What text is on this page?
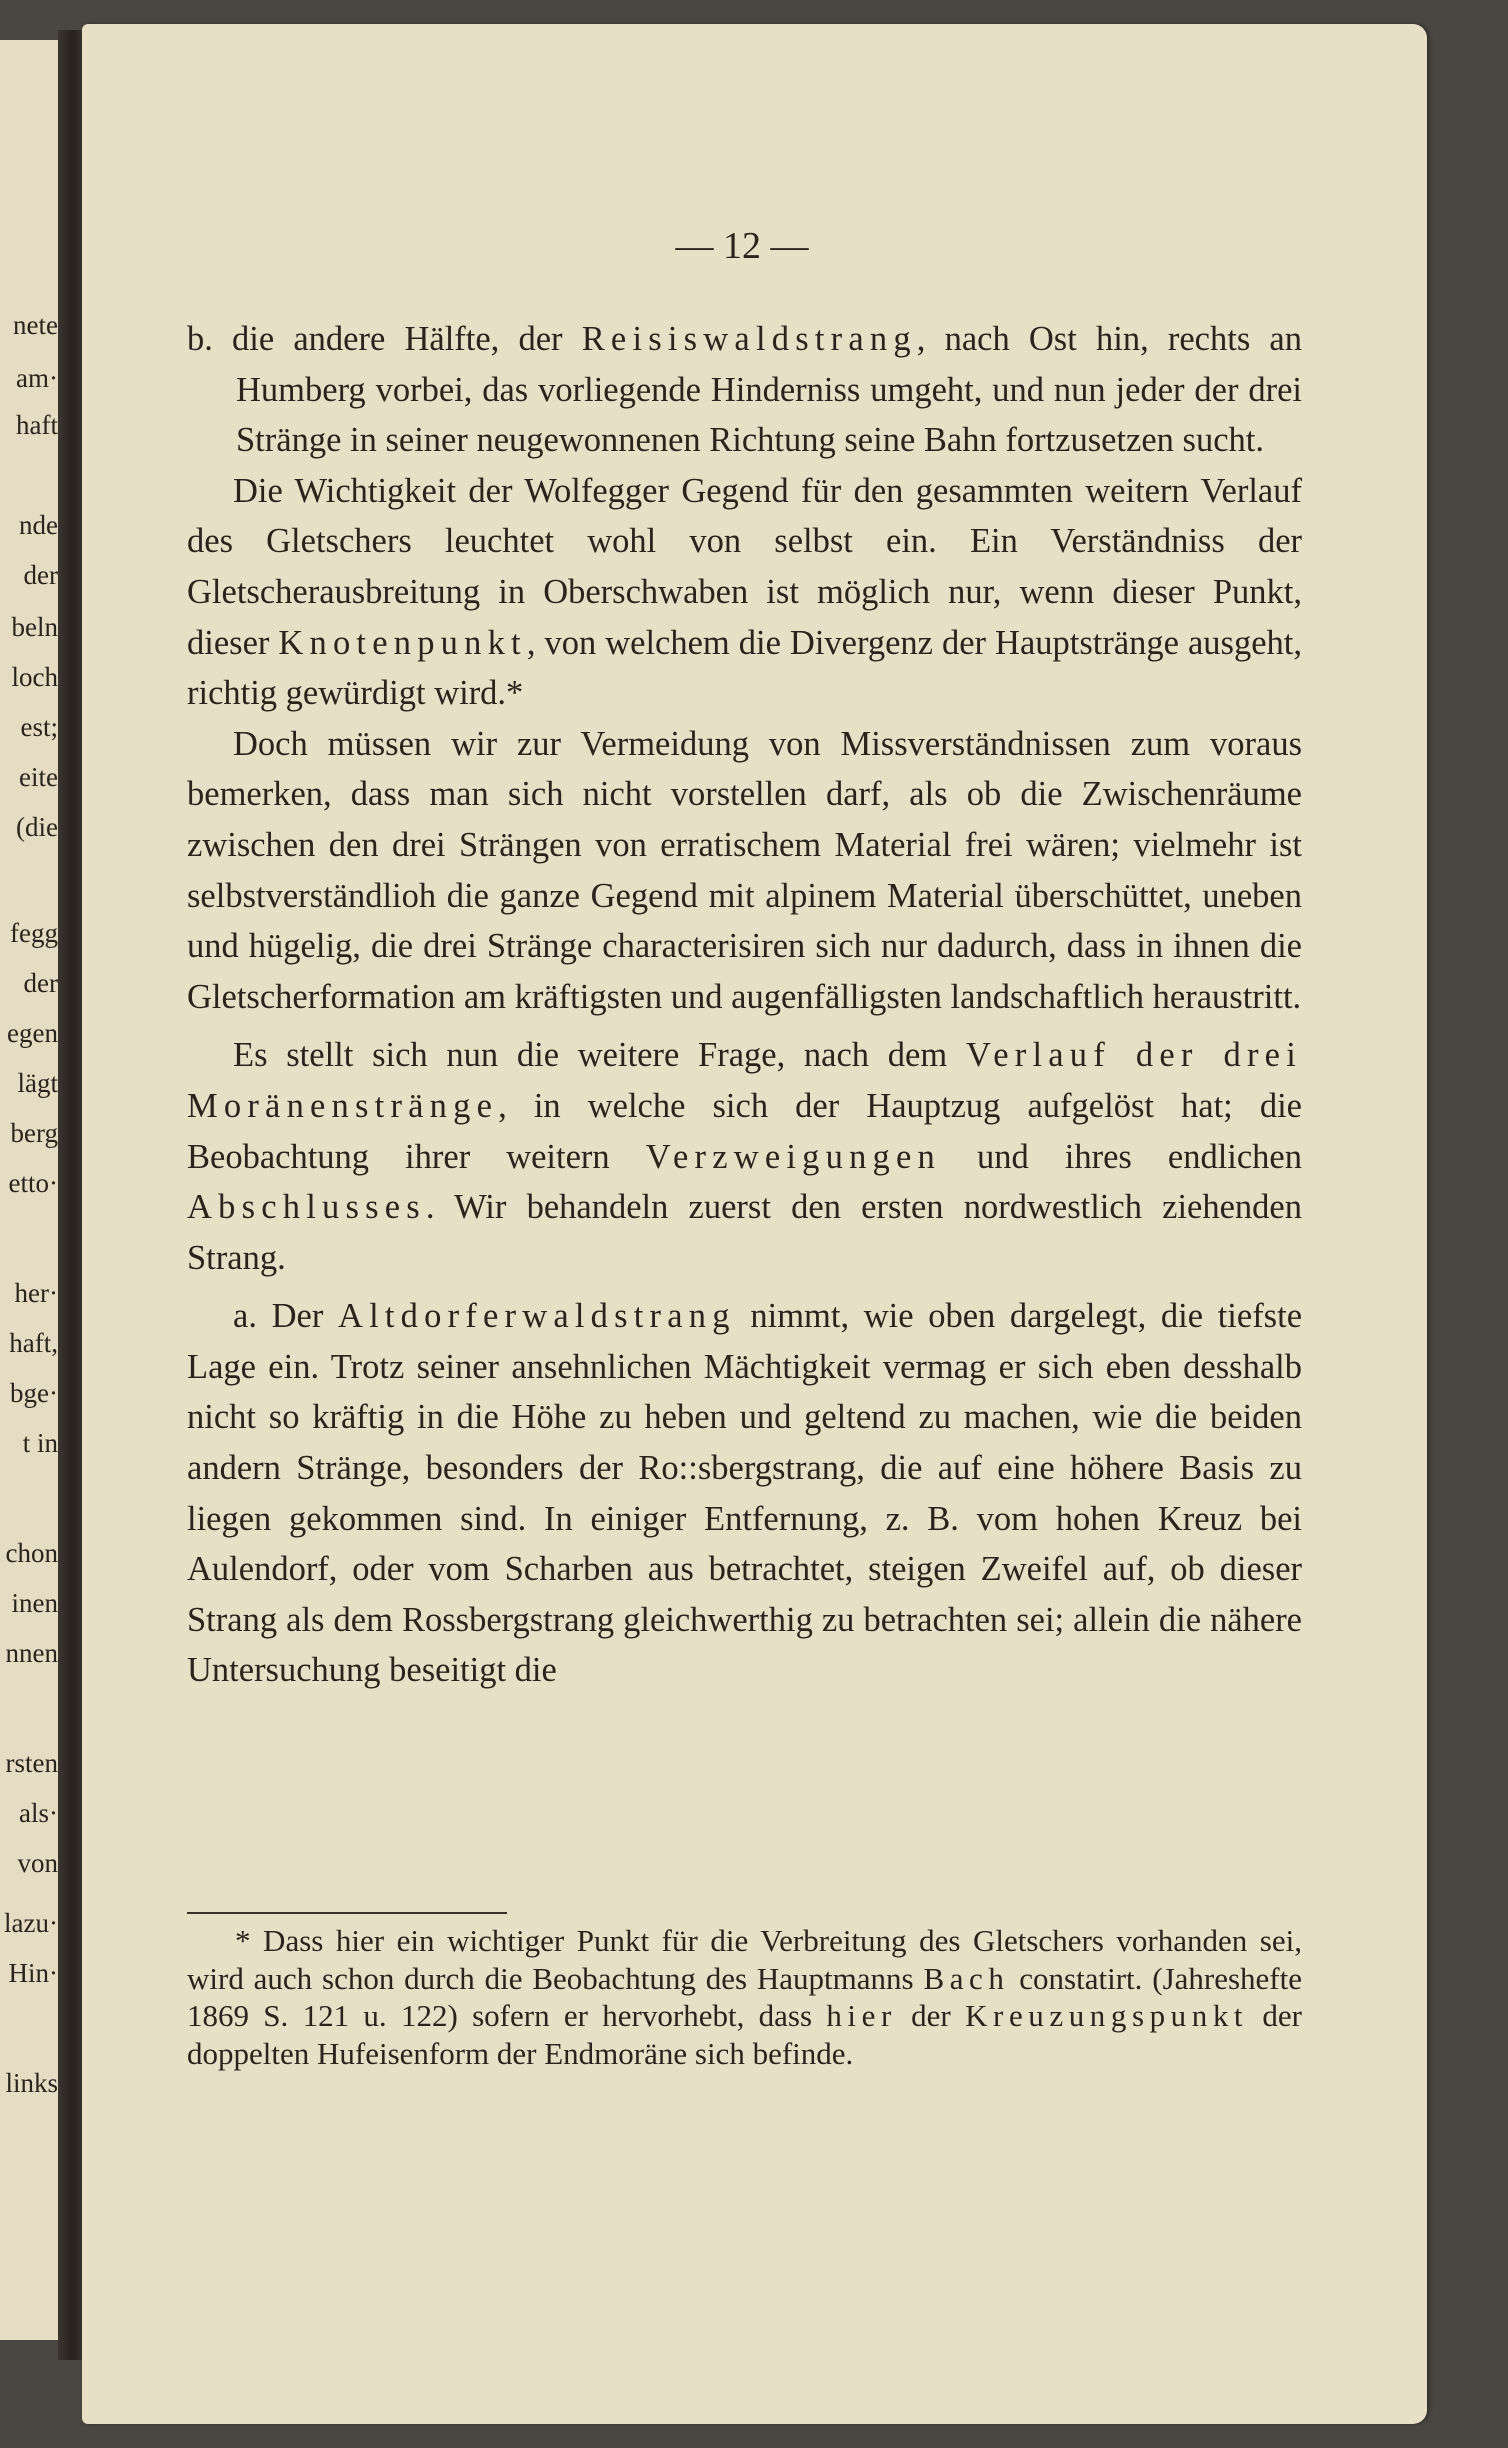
nete
am·
haft
nde
der
beln
loch
est;
eite
(die
fegg
der
egen
lägt
berg
etto·
her·
haft,
bge·
t in
chon
inen
nnen
rsten
als·
von
lazu·
Hin·
links
— 12 —

b. die andere Hälfte, der Reisiswaldstrang, nach Ost hin, rechts an Humberg vorbei, das vorliegende Hinderniss umgeht, und nun jeder der drei Stränge in seiner neugewonnenen Richtung seine Bahn fortzusetzen sucht.

Die Wichtigkeit der Wolfegger Gegend für den gesammten weitern Verlauf des Gletschers leuchtet wohl von selbst ein. Ein Verständniss der Gletscherausbreitung in Oberschwaben ist möglich nur, wenn dieser Punkt, dieser Knotenpunkt, von welchem die Divergenz der Hauptstränge ausgeht, richtig gewürdigt wird.*

Doch müssen wir zur Vermeidung von Missverständnissen zum voraus bemerken, dass man sich nicht vorstellen darf, als ob die Zwischenräume zwischen den drei Strängen von erratischem Material frei wären; vielmehr ist selbstverständlioh die ganze Gegend mit alpinem Material überschüttet, uneben und hügelig, die drei Stränge characterisiren sich nur dadurch, dass in ihnen die Gletscherformation am kräftigsten und augenfälligsten landschaftlich heraustritt.

Es stellt sich nun die weitere Frage, nach dem Verlauf der drei Moränenstränge, in welche sich der Hauptzug aufgelöst hat; die Beobachtung ihrer weitern Verzweigungen und ihres endlichen Abschlusses. Wir behandeln zuerst den ersten nordwestlich ziehenden Strang.

a. Der Altdorferwaldstrang nimmt, wie oben dargelegt, die tiefste Lage ein. Trotz seiner ansehnlichen Mächtigkeit vermag er sich eben desshalb nicht so kräftig in die Höhe zu heben und geltend zu machen, wie die beiden andern Stränge, besonders der Ro::sbergstrang, die auf eine höhere Basis zu liegen gekommen sind. In einiger Entfernung, z. B. vom hohen Kreuz bei Aulendorf, oder vom Scharben aus betrachtet, steigen Zweifel auf, ob dieser Strang als dem Rossbergstrang gleichwerthig zu betrachten sei; allein die nähere Untersuchung beseitigt die

* Dass hier ein wichtiger Punkt für die Verbreitung des Gletschers vorhanden sei, wird auch schon durch die Beobachtung des Hauptmanns Bach constatirt. (Jahreshefte 1869 S. 121 u. 122) sofern er hervorhebt, dass hier der Kreuzungspunkt der doppelten Hufeisenform der Endmoräne sich befinde.
